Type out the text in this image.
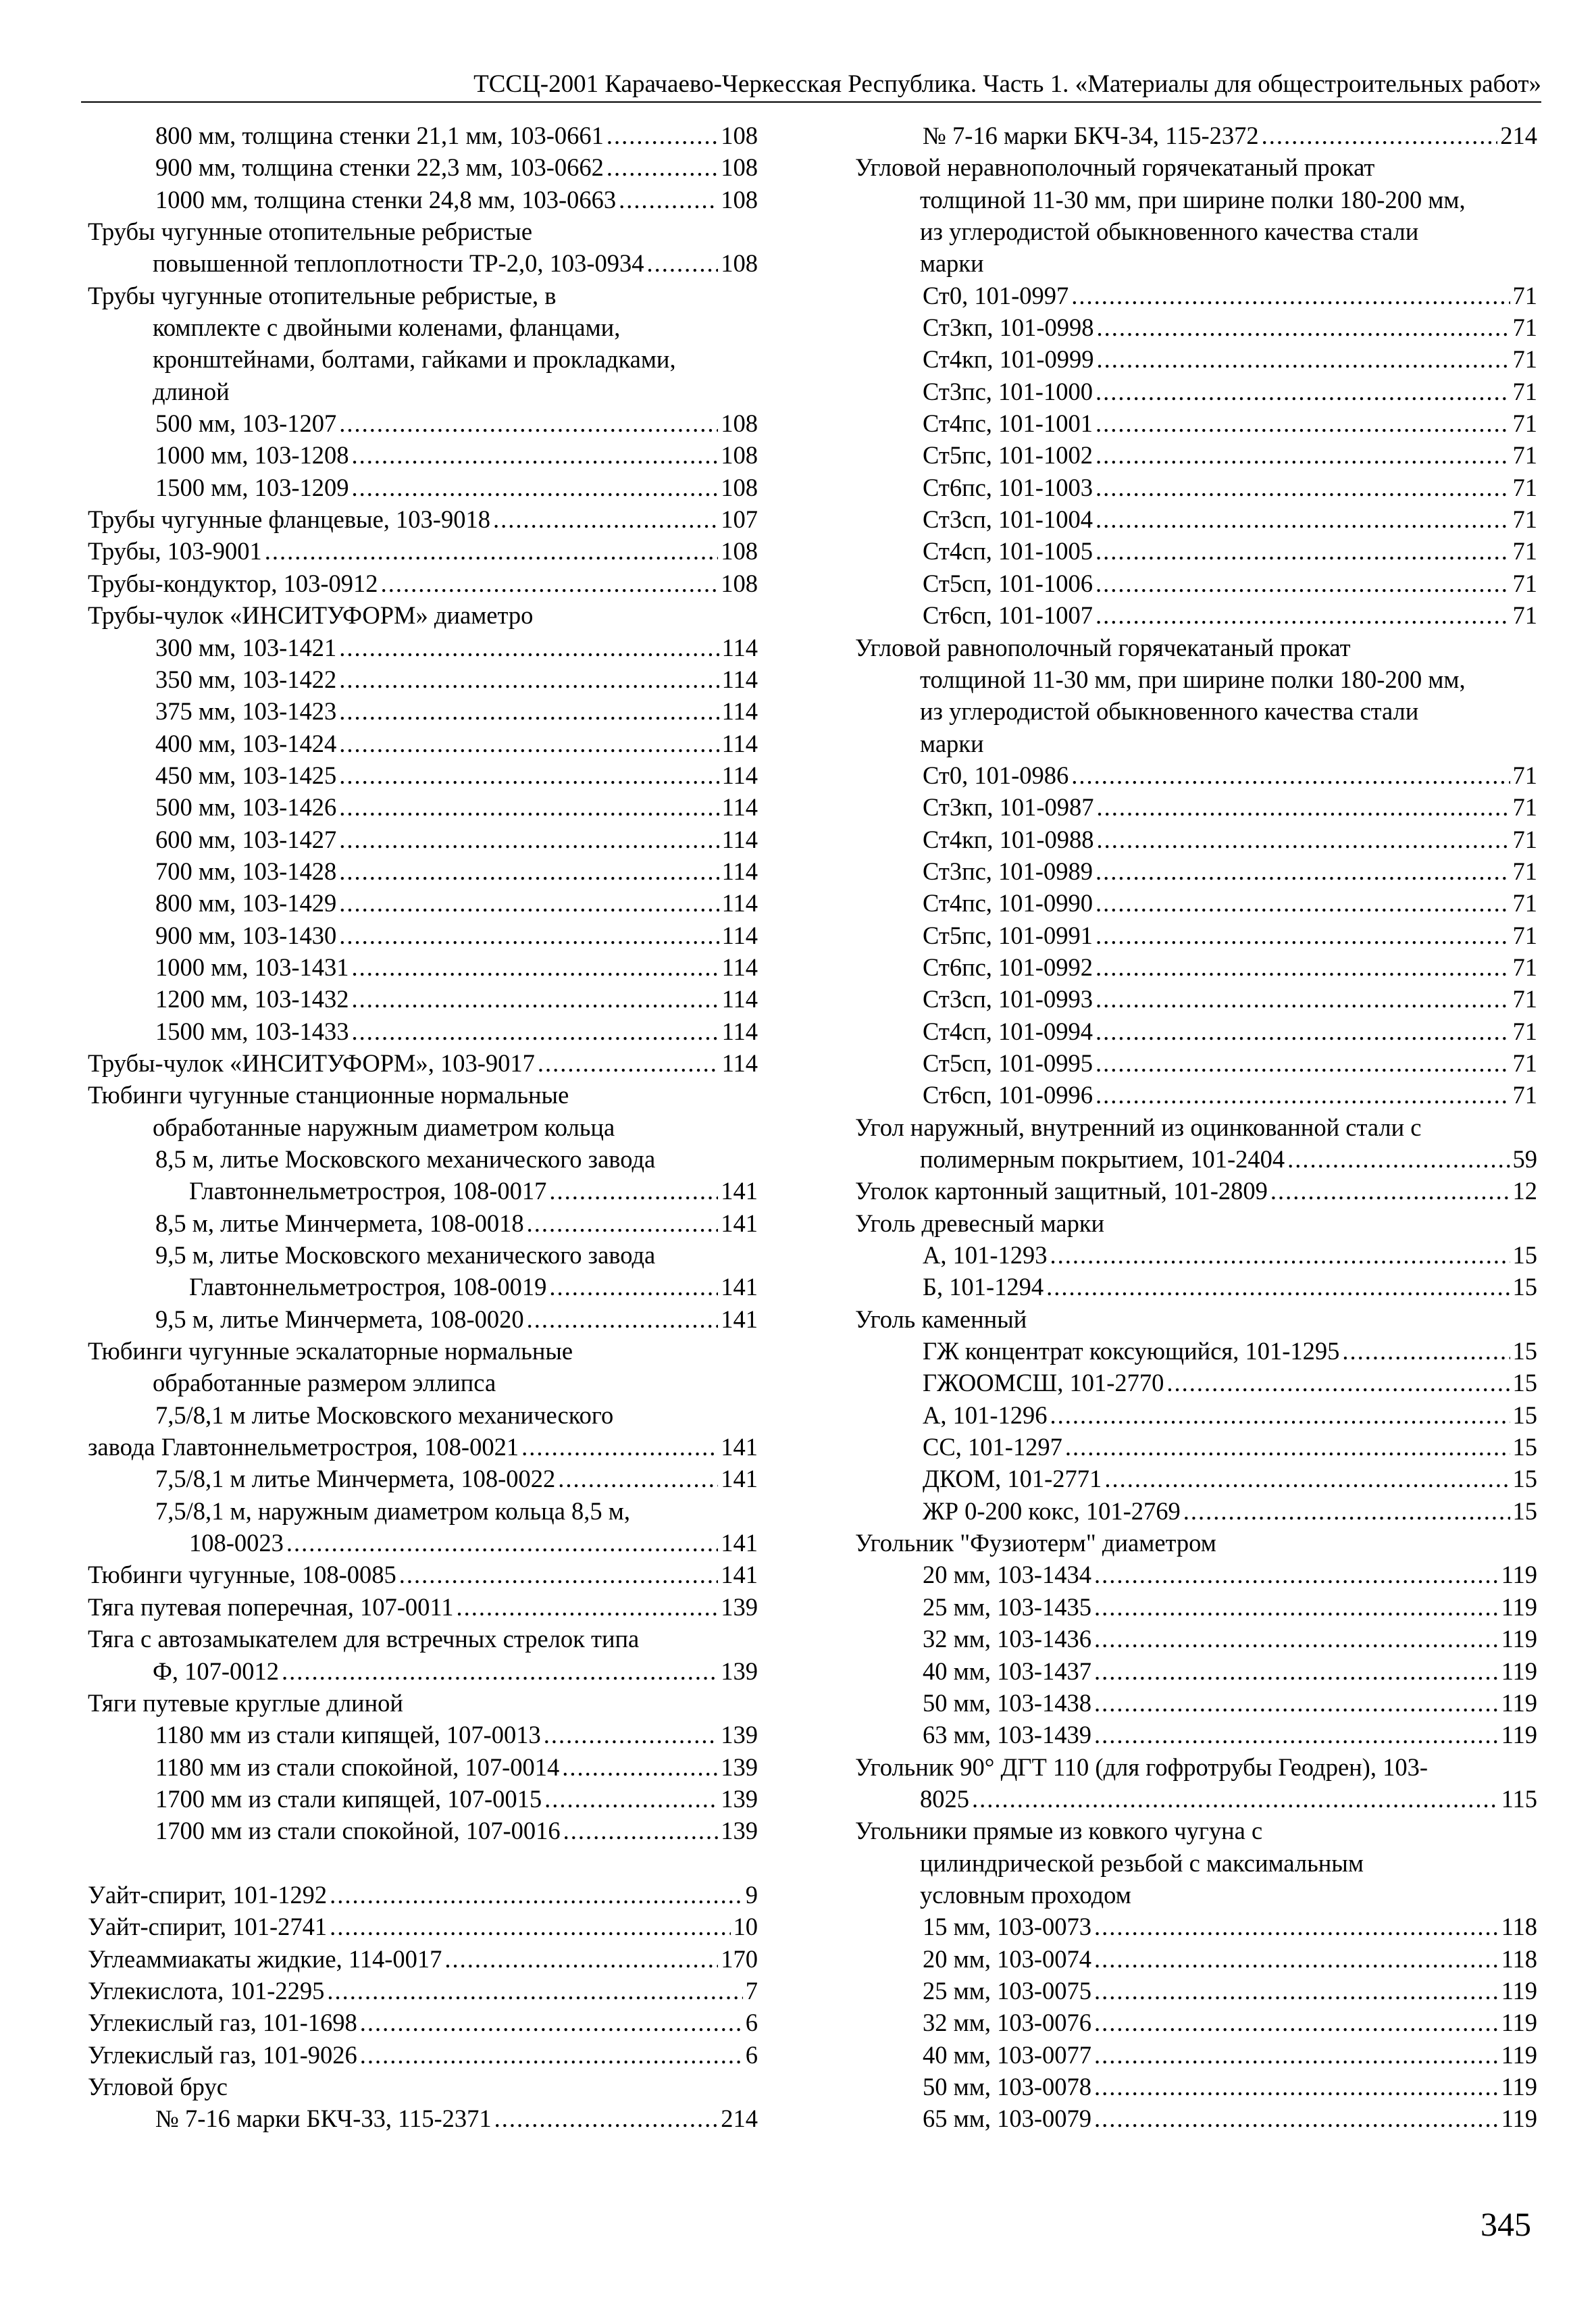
ТССЦ-2001 Карачаево-Черкесская Республика. Часть 1. «Материалы для общестроительных работ»
800 мм, толщина стенки 21,1 мм, 103-0661 .....	108
900 мм, толщина стенки 22,3 мм, 103-0662 .....	108
1000 мм, толщина стенки 24,8 мм, 103-0663 .....	108
Трубы чугунные отопительные ребристые
повышенной теплоплотности ТР-2,0, 103-0934 .....	108
Трубы чугунные отопительные ребристые, в
комплекте с двойными коленами, фланцами,
кронштейнами, болтами, гайками и прокладками,
длиной
500 мм, 103-1207 .....	108
1000 мм, 103-1208 .....	108
1500 мм, 103-1209 .....	108
Трубы чугунные фланцевые, 103-9018 .....	107
Трубы, 103-9001 .....	108
Трубы-кондуктор, 103-0912 .....	108
Трубы-чулок «ИНСИТУФОРМ» диаметро
300 мм, 103-1421 .....	114
350 мм, 103-1422 .....	114
375 мм, 103-1423 .....	114
400 мм, 103-1424 .....	114
450 мм, 103-1425 .....	114
500 мм, 103-1426 .....	114
600 мм, 103-1427 .....	114
700 мм, 103-1428 .....	114
800 мм, 103-1429 .....	114
900 мм, 103-1430 .....	114
1000 мм, 103-1431 .....	114
1200 мм, 103-1432 .....	114
1500 мм, 103-1433 .....	114
Трубы-чулок «ИНСИТУФОРМ», 103-9017 .....	114
Тюбинги чугунные станционные нормальные
обработанные наружным диаметром кольца
8,5 м, литье Московского механического завода
Главтоннельметростроя, 108-0017 .....	141
8,5 м, литье Минчермета, 108-0018 .....	141
9,5 м, литье Московского механического завода
Главтоннельметростроя, 108-0019 .....	141
9,5 м, литье Минчермета, 108-0020 .....	141
Тюбинги чугунные эскалаторные нормальные
обработанные размером эллипса
7,5/8,1 м литье Московского механического
завода Главтоннельметростроя, 108-0021 .....	141
7,5/8,1 м литье Минчермета, 108-0022 .....	141
7,5/8,1 м, наружным диаметром кольца 8,5 м,
108-0023 .....	141
Тюбинги чугунные, 108-0085 .....	141
Тяга путевая поперечная, 107-0011 .....	139
Тяга с автозамыкателем для встречных стрелок типа
Ф, 107-0012 .....	139
Тяги путевые круглые длиной
1180 мм из стали кипящей, 107-0013 .....	139
1180 мм из стали спокойной, 107-0014 .....	139
1700 мм из стали кипящей, 107-0015 .....	139
1700 мм из стали спокойной, 107-0016 .....	139
Уайт-спирит, 101-1292 .....	9
Уайт-спирит, 101-2741 .....	10
Углеаммиакаты жидкие, 114-0017 .....	170
Углекислота, 101-2295 .....	7
Углекислый газ, 101-1698 .....	6
Углекислый газ, 101-9026 .....	6
Угловой брус
№ 7-16 марки БКЧ-33, 115-2371 .....	214
№ 7-16 марки БКЧ-34, 115-2372 .....	214
Угловой неравнополочный горячекатаный прокат
толщиной 11-30 мм, при ширине полки 180-200 мм,
из углеродистой обыкновенного качества стали
марки
Ст0, 101-0997 .....	71
Ст3кп, 101-0998 .....	71
Ст4кп, 101-0999 .....	71
Ст3пс, 101-1000 .....	71
Ст4пс, 101-1001 .....	71
Ст5пс, 101-1002 .....	71
Ст6пс, 101-1003 .....	71
Ст3сп, 101-1004 .....	71
Ст4сп, 101-1005 .....	71
Ст5сп, 101-1006 .....	71
Ст6сп, 101-1007 .....	71
Угловой равнополочный горячекатаный прокат
толщиной 11-30 мм, при ширине полки 180-200 мм,
из углеродистой обыкновенного качества стали
марки
Ст0, 101-0986 .....	71
Ст3кп, 101-0987 .....	71
Ст4кп, 101-0988 .....	71
Ст3пс, 101-0989 .....	71
Ст4пс, 101-0990 .....	71
Ст5пс, 101-0991 .....	71
Ст6пс, 101-0992 .....	71
Ст3сп, 101-0993 .....	71
Ст4сп, 101-0994 .....	71
Ст5сп, 101-0995 .....	71
Ст6сп, 101-0996 .....	71
Угол наружный, внутренний из оцинкованной стали с
полимерным покрытием, 101-2404 .....	59
Уголок картонный защитный, 101-2809 .....	12
Уголь древесный марки
А, 101-1293 .....	15
Б, 101-1294 .....	15
Уголь каменный
ГЖ концентрат коксующийся, 101-1295 .....	15
ГЖООМСШ, 101-2770 .....	15
А, 101-1296 .....	15
СС, 101-1297 .....	15
ДКОМ, 101-2771 .....	15
ЖР 0-200 кокс, 101-2769 .....	15
Угольник "Фузиотерм" диаметром
20 мм, 103-1434 .....	119
25 мм, 103-1435 .....	119
32 мм, 103-1436 .....	119
40 мм, 103-1437 .....	119
50 мм, 103-1438 .....	119
63 мм, 103-1439 .....	119
Угольник 90° ДГТ 110 (для гофротрубы Геодрен), 103-
8025 .....	115
Угольники прямые из ковкого чугуна с
цилиндрической резьбой с максимальным
условным проходом
15 мм, 103-0073 .....	118
20 мм, 103-0074 .....	118
25 мм, 103-0075 .....	119
32 мм, 103-0076 .....	119
40 мм, 103-0077 .....	119
50 мм, 103-0078 .....	119
65 мм, 103-0079 .....	119
345
